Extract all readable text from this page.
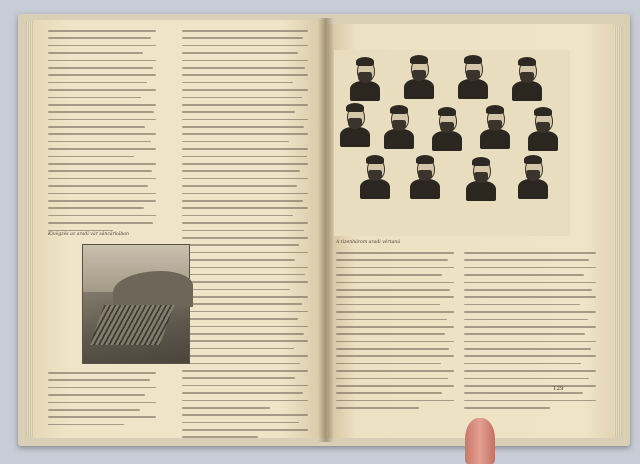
Kivégzés az aradi vár sáncárkában
A tizenhárom aradi vértanú
129
